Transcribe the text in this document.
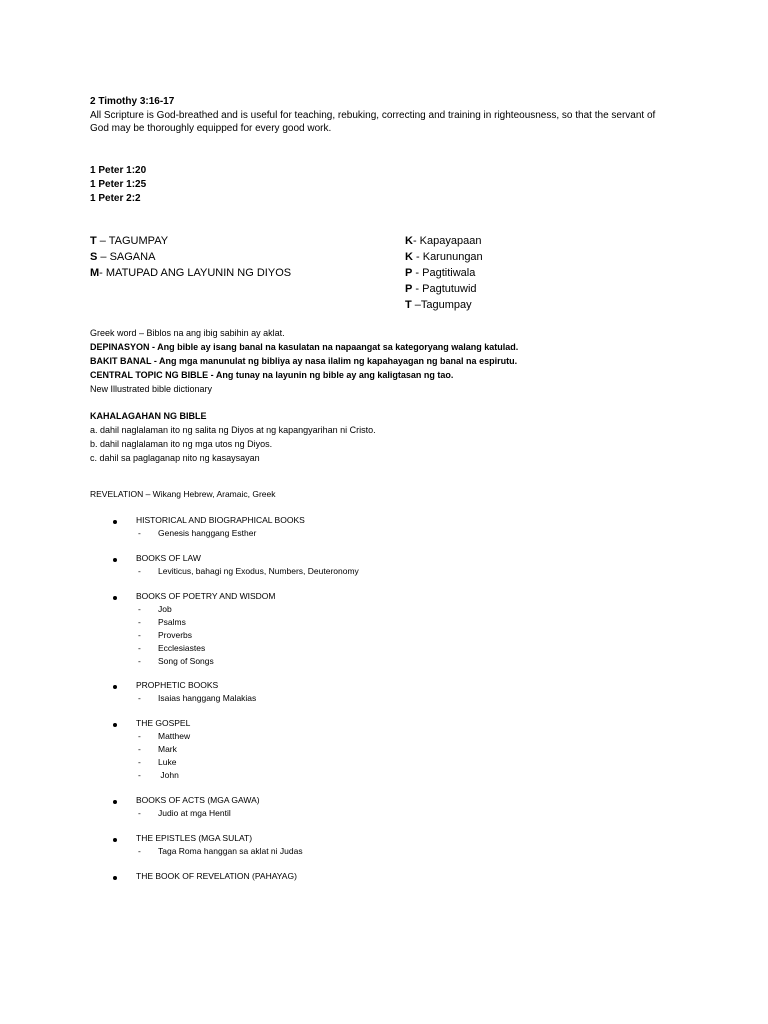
2 Timothy 3:16-17
All Scripture is God-breathed and is useful for teaching, rebuking, correcting and training in righteousness, so that the servant of God may be thoroughly equipped for every good work.
1 Peter 1:20
1 Peter 1:25
1 Peter 2:2
T – TAGUMPAY
S – SAGANA
M- MATUPAD ANG LAYUNIN NG DIYOS
K- Kapayapaan
K - Karunungan
P - Pagtitiwala
P - Pagtutuwid
T –Tagumpay
Greek word – Biblos na ang ibig sabihin ay aklat.
DEPINASYON - Ang bible ay isang banal na kasulatan na napaangat sa kategoryang walang katulad.
BAKIT BANAL - Ang mga manunulat ng bibliya ay nasa ilalim ng kapahayagan ng banal na espirutu.
CENTRAL TOPIC NG BIBLE - Ang tunay na layunin ng bible ay ang kaligtasan ng tao.
New Illustrated bible dictionary
KAHALAGAHAN NG BIBLE
a. dahil naglalaman ito ng salita ng Diyos at ng kapangyarihan ni Cristo.
b. dahil naglalaman ito ng mga utos ng Diyos.
c. dahil sa paglaganap nito ng kasaysayan
REVELATION – Wikang Hebrew, Aramaic, Greek
HISTORICAL AND BIOGRAPHICAL BOOKS
- Genesis hanggang Esther
BOOKS OF LAW
- Leviticus, bahagi ng Exodus, Numbers, Deuteronomy
BOOKS OF POETRY AND WISDOM
- Job
- Psalms
- Proverbs
- Ecclesiastes
- Song of Songs
PROPHETIC BOOKS
- Isaias hanggang Malakias
THE GOSPEL
- Matthew
- Mark
- Luke
- John
BOOKS OF ACTS (MGA GAWA)
- Judio at mga Hentil
THE EPISTLES (MGA SULAT)
- Taga Roma hanggan sa aklat ni Judas
THE BOOK OF REVELATION (PAHAYAG)
